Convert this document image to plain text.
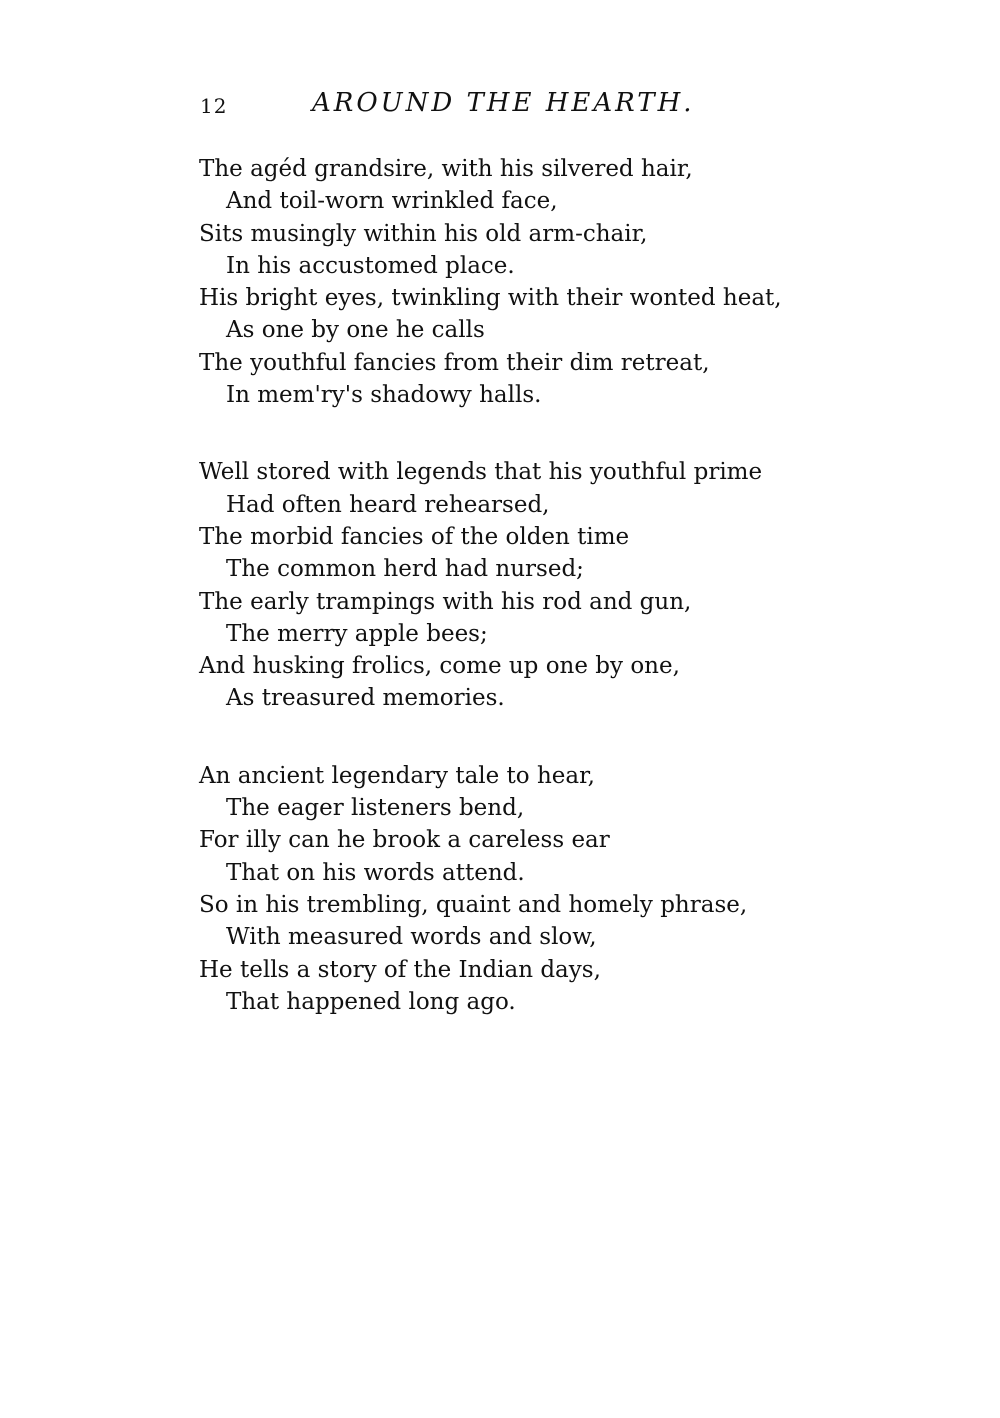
12	AROUND THE HEARTH.
The agéd grandsire, with his silvered hair,
And toil-worn wrinkled face,
Sits musingly within his old arm-chair,
In his accustomed place.
His bright eyes, twinkling with their wonted heat,
As one by one he calls
The youthful fancies from their dim retreat,
In mem'ry's shadowy halls.
Well stored with legends that his youthful prime
Had often heard rehearsed,
The morbid fancies of the olden time
The common herd had nursed;
The early trampings with his rod and gun,
The merry apple bees;
And husking frolics, come up one by one,
As treasured memories.
An ancient legendary tale to hear,
The eager listeners bend,
For illy can he brook a careless ear
That on his words attend.
So in his trembling, quaint and homely phrase,
With measured words and slow,
He tells a story of the Indian days,
That happened long ago.
